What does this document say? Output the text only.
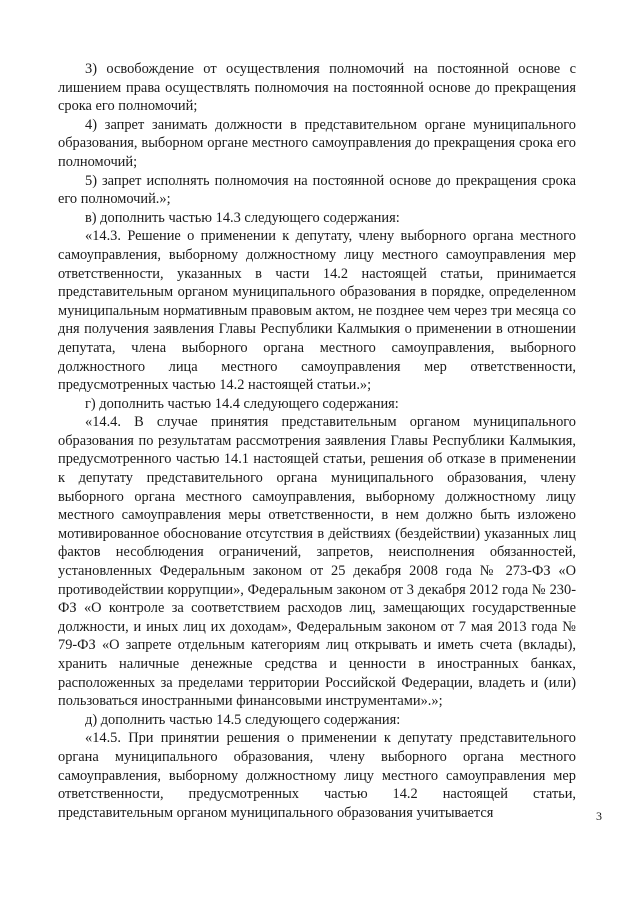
3) освобождение от осуществления полномочий на постоянной основе с лишением права осуществлять полномочия на постоянной основе до прекращения срока его полномочий;

4) запрет занимать должности в представительном органе муниципального образования, выборном органе местного самоуправления до прекращения срока его полномочий;

5) запрет исполнять полномочия на постоянной основе до прекращения срока его полномочий.»;

в) дополнить частью 14.3 следующего содержания:

«14.3. Решение о применении к депутату, члену выборного органа местного самоуправления, выборному должностному лицу местного самоуправления мер ответственности, указанных в части 14.2 настоящей статьи, принимается представительным органом муниципального образования в порядке, определенном муниципальным нормативным правовым актом, не позднее чем через три месяца со дня получения заявления Главы Республики Калмыкия о применении в отношении депутата, члена выборного органа местного самоуправления, выборного должностного лица местного самоуправления мер ответственности, предусмотренных частью 14.2 настоящей статьи.»;

г) дополнить частью 14.4 следующего содержания:

«14.4. В случае принятия представительным органом муниципального образования по результатам рассмотрения заявления Главы Республики Калмыкия, предусмотренного частью 14.1 настоящей статьи, решения об отказе в применении к депутату представительного органа муниципального образования, члену выборного органа местного самоуправления, выборному должностному лицу местного самоуправления меры ответственности, в нем должно быть изложено мотивированное обоснование отсутствия в действиях (бездействии) указанных лиц фактов несоблюдения ограничений, запретов, неисполнения обязанностей, установленных Федеральным законом от 25 декабря 2008 года № 273-ФЗ «О противодействии коррупции», Федеральным законом от 3 декабря 2012 года № 230-ФЗ «О контроле за соответствием расходов лиц, замещающих государственные должности, и иных лиц их доходам», Федеральным законом от 7 мая 2013 года № 79-ФЗ «О запрете отдельным категориям лиц открывать и иметь счета (вклады), хранить наличные денежные средства и ценности в иностранных банках, расположенных за пределами территории Российской Федерации, владеть и (или) пользоваться иностранными финансовыми инструментами».»;

д) дополнить частью 14.5 следующего содержания:

«14.5. При принятии решения о применении к депутату представительного органа муниципального образования, члену выборного органа местного самоуправления, выборному должностному лицу местного самоуправления мер ответственности, предусмотренных частью 14.2 настоящей статьи, представительным органом муниципального образования учитывается	3
